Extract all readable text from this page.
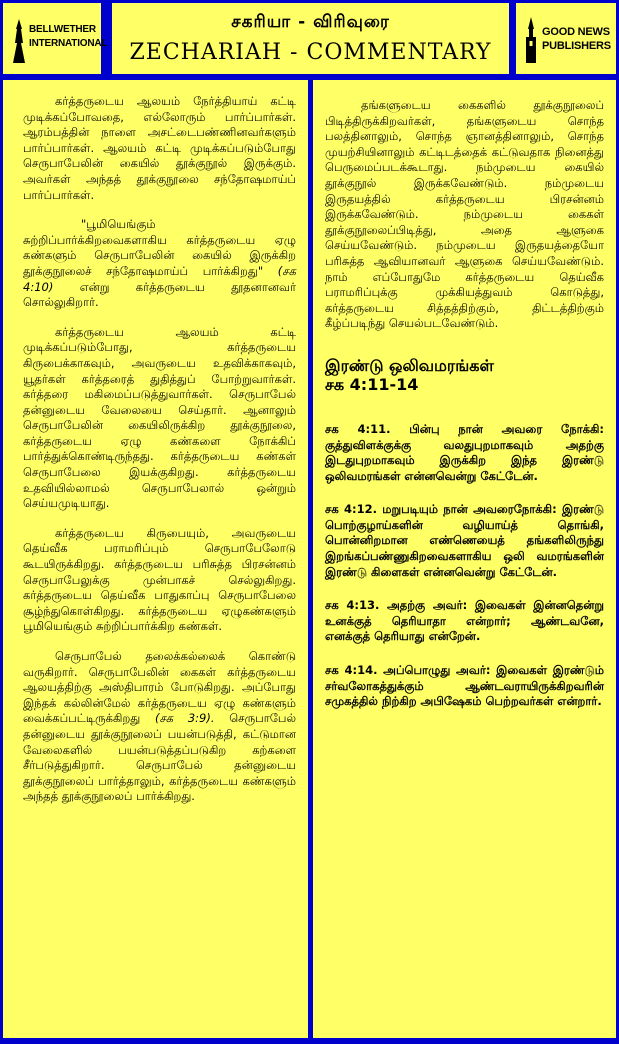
BELLWETHER
INTERNATIONAL
சகரியா - விரிவுரை
ZECHARIAH - COMMENTARY
GOOD NEWS
PUBLISHERS

கர்த்தருடைய ஆலயம் நேர்த்தியாய் கட்டி முடிக்கப்போவதை, எல்லோரும் பார்ப்பார்கள். ஆரம்பத்தின் நாளை அசட்டைபண்ணினவர்களும் பார்ப்பார்கள். ஆலயம் கட்டி முடிக்கப்படும்போது செருபாபேலின் கையில் தூக்குநூல் இருக்கும். அவர்கள் அந்தத் தூக்குநூலை சந்தோஷமாய்ப் பார்ப்பார்கள்.

"பூமியெங்கும் சுற்றிப்பார்க்கிறவைகளாகிய கர்த்தருடைய ஏழு கண்களும் செருபாபேலின் கையில் இருக்கிற தூக்குநூலைச் சந்தோஷமாய்ப் பார்க்கிறது" (சக 4:10) என்று கர்த்தருடைய தூதனானவர் சொல்லுகிறார்.

கர்த்தருடைய ஆலயம் கட்டி முடிக்கப்படும்போது, கர்த்தருடைய கிருபைக்காகவும், அவருடைய உதவிக்காகவும், யூதர்கள் கர்த்தரைத் துதித்துப் போற்றுவார்கள். கர்த்தரை மகிமைப்படுத்துவார்கள். செருபாபேல் தன்னுடைய வேலையை செய்தார். ஆனாலும் செருபாபேலின் கையிலிருக்கிற தூக்குநூலை, கர்த்தருடைய ஏழு கண்களை நோக்கிப் பார்த்துக்கொண்டிருந்தது. கர்த்தருடைய கண்கள் செருபாபேலை இயக்குகிறது. கர்த்தருடைய உதவியில்லாமல் செருபாபேலால் ஒன்றும் செய்யமுடியாது.

கர்த்தருடைய கிருபையும், அவருடைய தெய்வீக பராமரிப்பும் செருபாபேலோடு கூடயிருக்கிறது. கர்த்தருடைய பரிசுத்த பிரசன்னம் செருபாபேலுக்கு முன்பாகச் செல்லுகிறது. கர்த்தருடைய தெய்வீக பாதுகாப்பு செருபாபேலை சூழ்ந்துகொள்கிறது. கர்த்தருடைய ஏழுகண்களும் பூமியெங்கும் சுற்றிப்பார்க்கிற கண்கள்.

செருபாபேல் தலைக்கல்லைக் கொண்டு வருகிறார். செருபாபேலின் கைகள் கர்த்தருடைய ஆலயத்திற்கு அஸ்திபாரம் போடுகிறது. அப்போது இந்தக் கல்லின்மேல் கர்த்தருடைய ஏழு கண்களும் வைக்கப்பட்டிருக்கிறது (சக 3:9). செருபாபேல் தன்னுடைய தூக்குநூலைப் பயன்படுத்தி, கட்டுமான வேலைகளில் பயன்படுத்தப்படுகிற கற்களை சீர்படுத்துகிறார். செருபாபேல் தன்னுடைய தூக்குநூலைப் பார்த்தாலும், கர்த்தருடைய கண்களும் அந்தத் தூக்குநூலைப் பார்க்கிறது.

தங்களுடைய கைகளில் தூக்குநூலைப் பிடித்திருக்கிறவர்கள், தங்களுடைய சொந்த பலத்தினாலும், சொந்த ஞானத்தினாலும், சொந்த முயற்சியினாலும் கட்டிடத்தைக் கட்டுவதாக நினைத்து பெருமைப்படக்கூடாது. நம்முடைய கையில் தூக்குநூல் இருக்கவேண்டும். நம்முடைய இருதயத்தில் கர்த்தருடைய பிரசன்னம் இருக்கவேண்டும். நம்முடைய கைகள் தூக்குநூலைப்பிடித்து, அதை ஆளுகை செய்யவேண்டும். நம்முடைய இருதயத்தையோ பரிசுத்த ஆவியானவர் ஆளுகை செய்யவேண்டும். நாம் எப்போதுமே கர்த்தருடைய தெய்வீக பராமரிப்புக்கு முக்கியத்துவம் கொடுத்து, கர்த்தருடைய சித்தத்திற்கும், திட்டத்திற்கும் கீழ்ப்படிந்து செயல்படவேண்டும்.

இரண்டு ஒலிவமரங்கள்
சக 4:11-14

சக 4:11. பின்பு நான் அவரை நோக்கி: குத்துவிளக்குக்கு வலதுபுறமாகவும் அதற்கு இடதுபுறமாகவும் இருக்கிற இந்த இரண்டு ஒலிவமரங்கள் என்னவென்று கேட்டேன்.

சக 4:12. மறுபடியும் நான் அவரைநோக்கி: இரண்டு பொற்குழாய்களின் வழியாய்த் தொங்கி, பொன்னிறமான எண்ணெயைத் தங்களிலிருந்து இறங்கப்பண்ணுகிறவைகளாகிய ஒலி வமரங்களின் இரண்டு கிளைகள் என்னவென்று கேட்டேன்.

சக 4:13. அதற்கு அவர்: இவைகள் இன்னதென்று உனக்குத் தெரியாதா என்றார்; ஆண்டவனே, எனக்குத் தெரியாது என்றேன்.

சக 4:14. அப்பொழுது அவர்: இவைகள் இரண்டும் சர்வலோகத்துக்கும் ஆண்டவராயிருக்கிறவரின் சமுகத்தில் நிற்கிற அபிஷேகம் பெற்றவர்கள் என்றார்.
